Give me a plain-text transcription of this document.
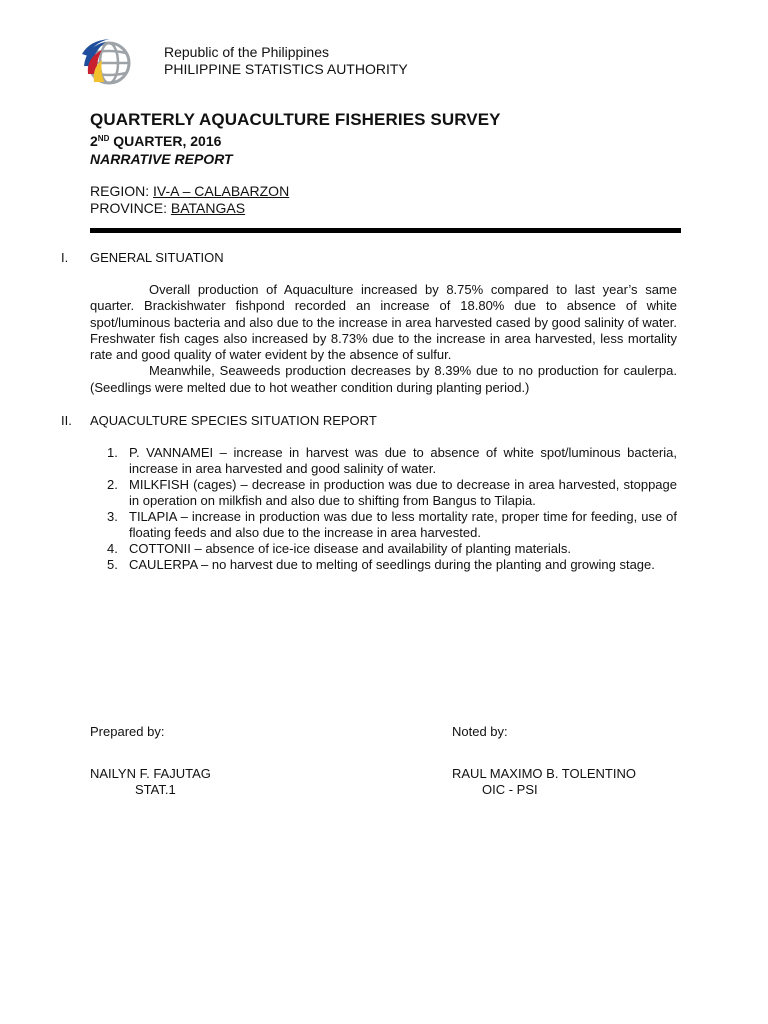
Republic of the Philippines
PHILIPPINE STATISTICS AUTHORITY
QUARTERLY AQUACULTURE FISHERIES SURVEY
2ND QUARTER, 2016
NARRATIVE REPORT
REGION: IV-A – CALABARZON
PROVINCE: BATANGAS
I. GENERAL SITUATION

Overall production of Aquaculture increased by 8.75% compared to last year’s same quarter. Brackishwater fishpond recorded an increase of 18.80% due to absence of white spot/luminous bacteria and also due to the increase in area harvested cased by good salinity of water. Freshwater fish cages also increased by 8.73% due to the increase in area harvested, less mortality rate and good quality of water evident by the absence of sulfur.

Meanwhile, Seaweeds production decreases by 8.39% due to no production for caulerpa. (Seedlings were melted due to hot weather condition during planting period.)

II. AQUACULTURE SPECIES SITUATION REPORT
1. P. VANNAMEI – increase in harvest was due to absence of white spot/luminous bacteria, increase in area harvested and good salinity of water.
2. MILKFISH (cages) – decrease in production was due to decrease in area harvested, stoppage in operation on milkfish and also due to shifting from Bangus to Tilapia.
3. TILAPIA – increase in production was due to less mortality rate, proper time for feeding, use of floating feeds and also due to the increase in area harvested.
4. COTTONII – absence of ice-ice disease and availability of planting materials.
5. CAULERPA – no harvest due to melting of seedlings during the planting and growing stage.
Prepared by:
NAILYN F. FAJUTAG
STAT.1
Noted by:
RAUL MAXIMO B. TOLENTINO
OIC - PSI
